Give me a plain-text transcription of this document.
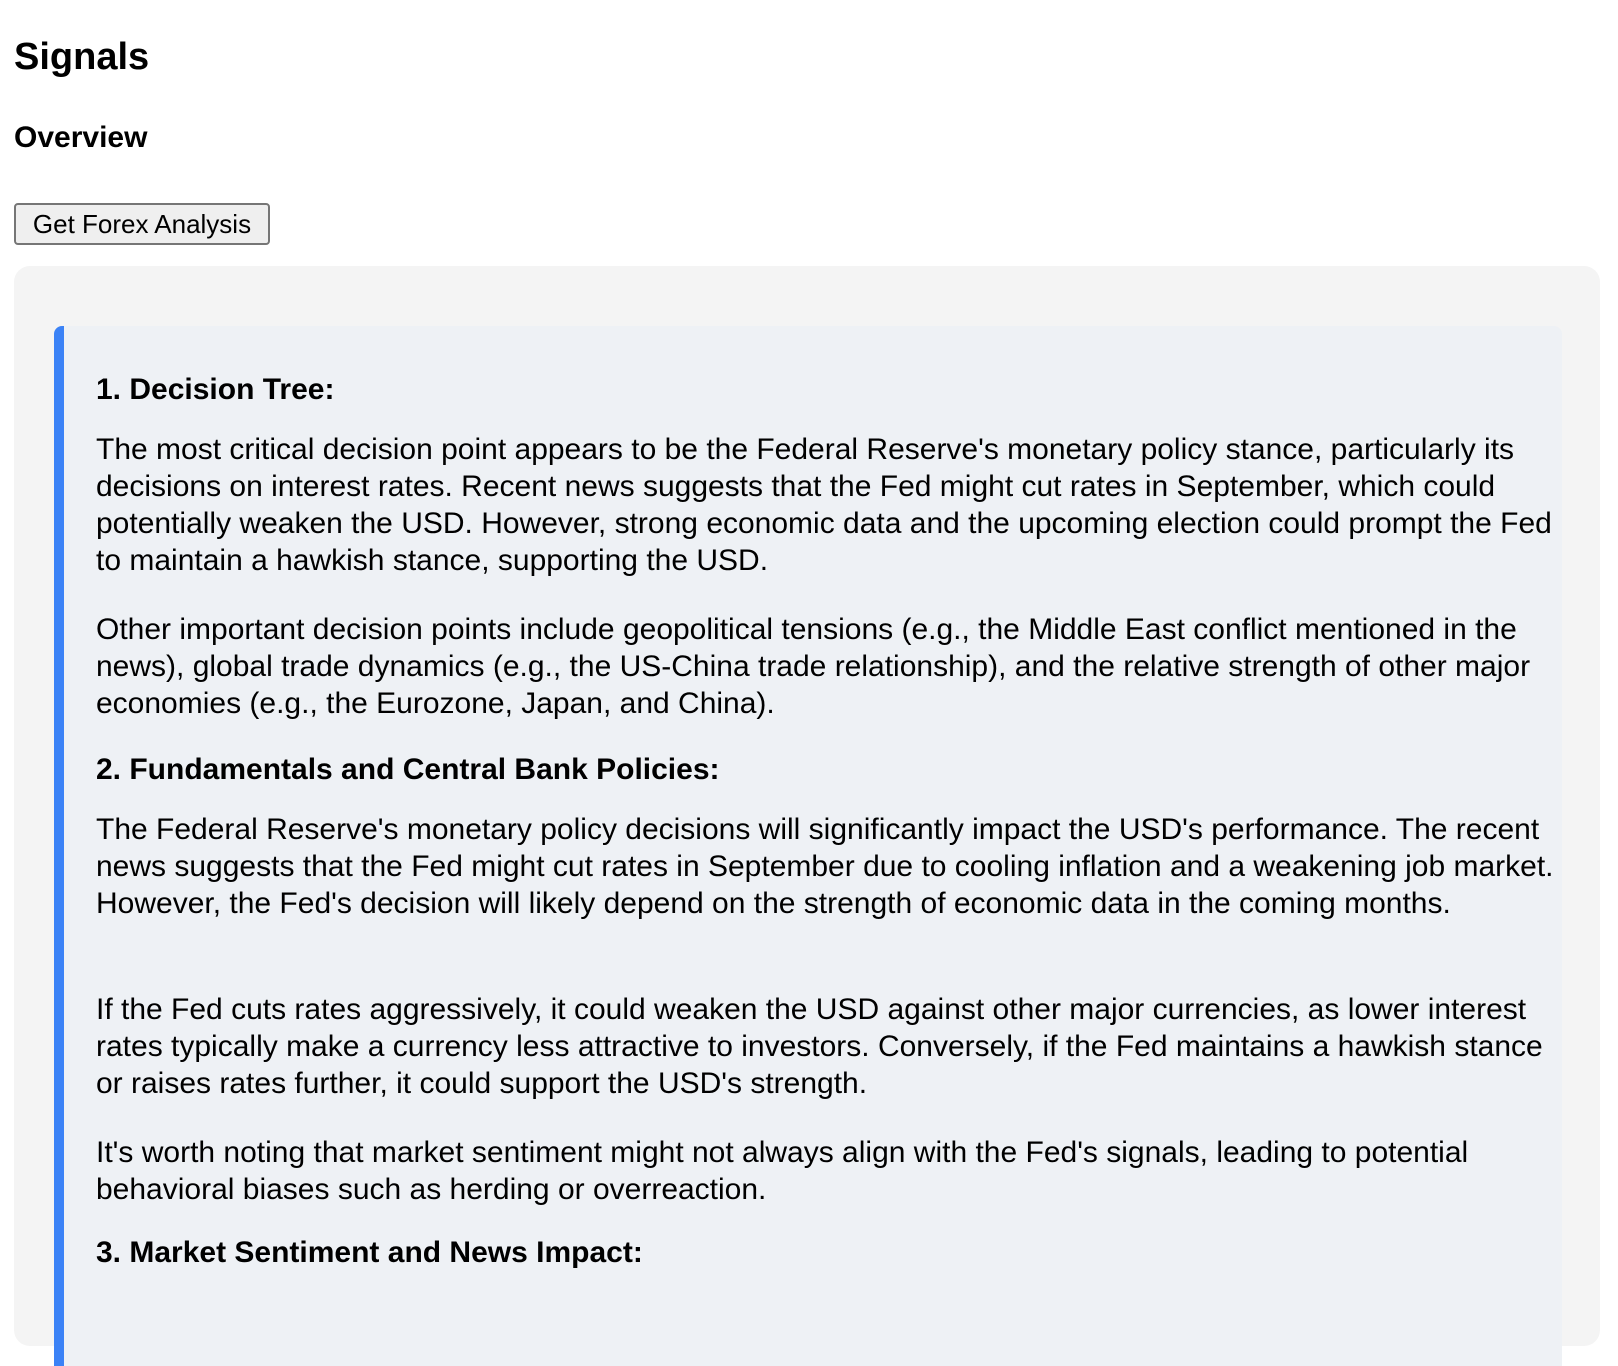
Signals
Overview
Get Forex Analysis
1. Decision Tree:

The most critical decision point appears to be the Federal Reserve's monetary policy stance, particularly its decisions on interest rates. Recent news suggests that the Fed might cut rates in September, which could potentially weaken the USD. However, strong economic data and the upcoming election could prompt the Fed to maintain a hawkish stance, supporting the USD.

Other important decision points include geopolitical tensions (e.g., the Middle East conflict mentioned in the news), global trade dynamics (e.g., the US-China trade relationship), and the relative strength of other major economies (e.g., the Eurozone, Japan, and China).

2. Fundamentals and Central Bank Policies:

The Federal Reserve's monetary policy decisions will significantly impact the USD's performance. The recent news suggests that the Fed might cut rates in September due to cooling inflation and a weakening job market. However, the Fed's decision will likely depend on the strength of economic data in the coming months.

If the Fed cuts rates aggressively, it could weaken the USD against other major currencies, as lower interest rates typically make a currency less attractive to investors. Conversely, if the Fed maintains a hawkish stance or raises rates further, it could support the USD's strength.

It's worth noting that market sentiment might not always align with the Fed's signals, leading to potential behavioral biases such as herding or overreaction.

3. Market Sentiment and News Impact:
